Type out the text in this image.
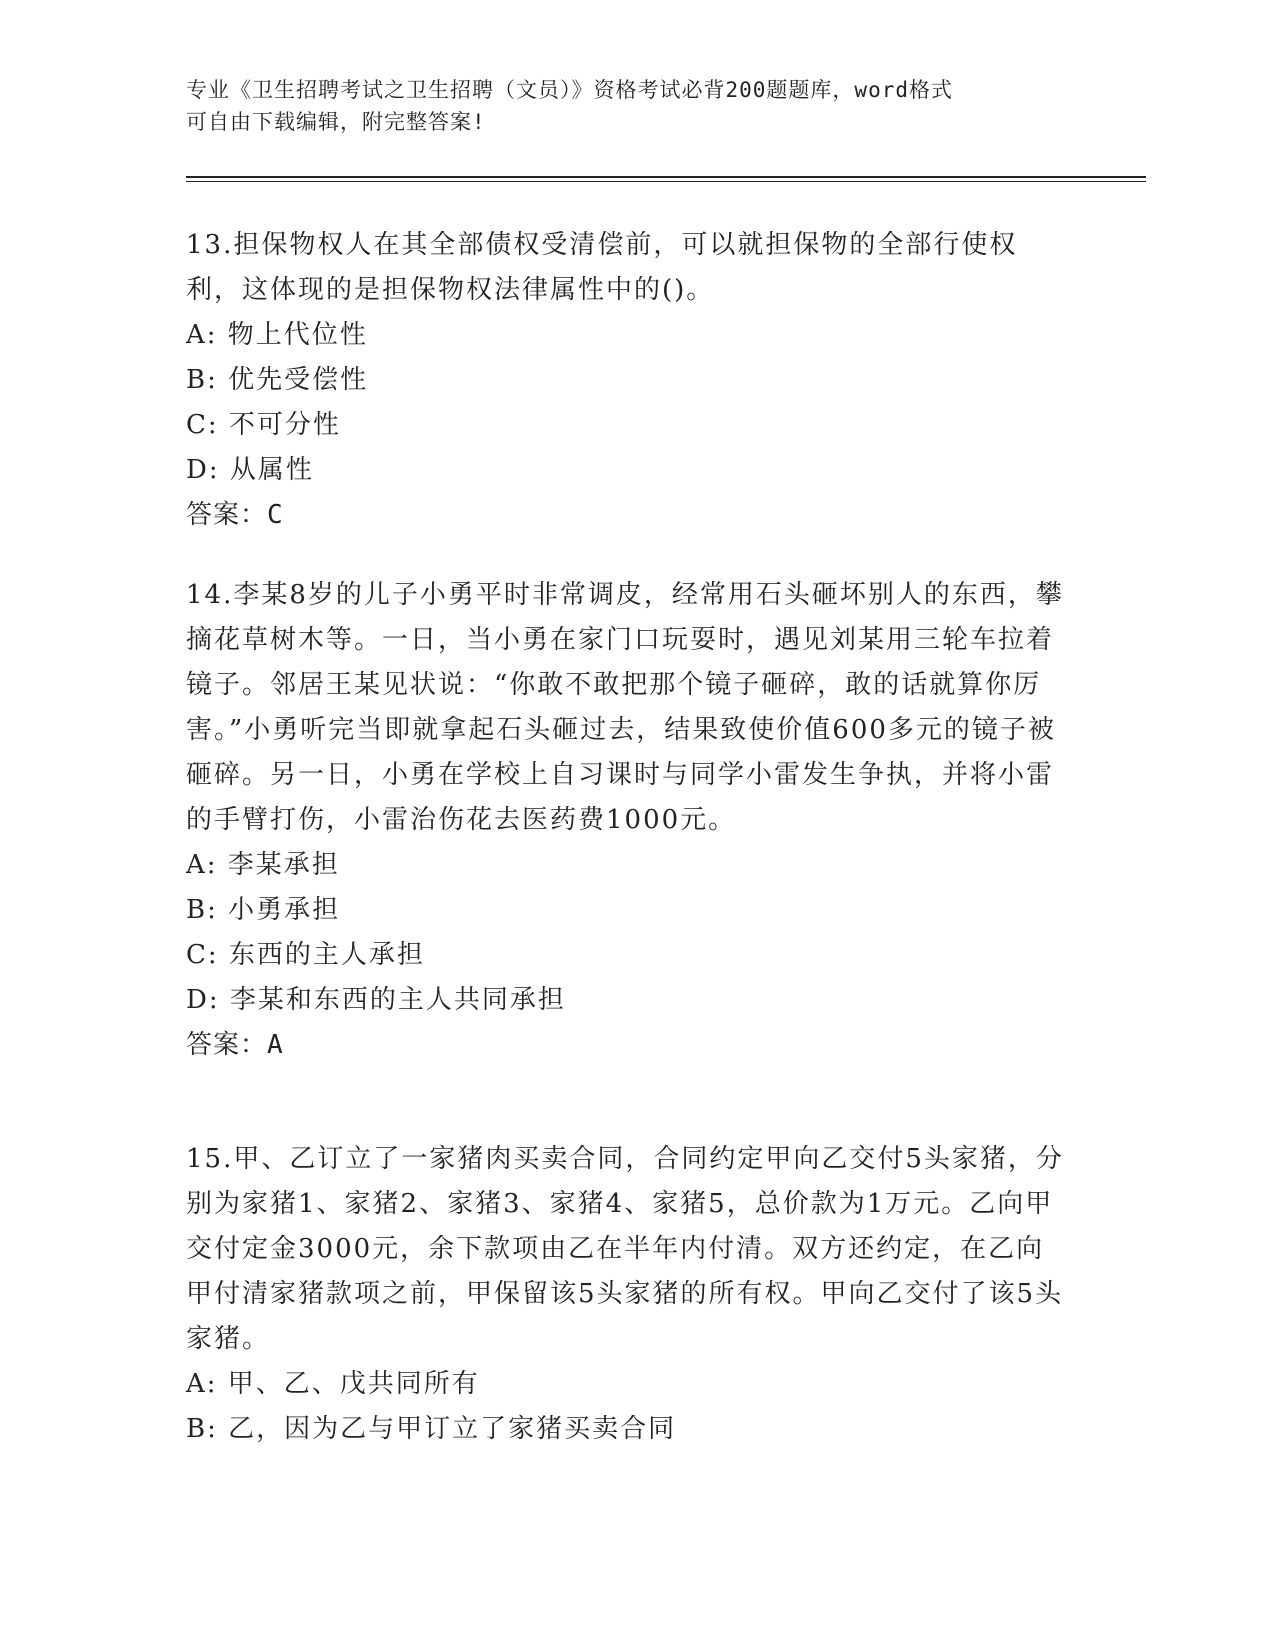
专业《卫生招聘考试之卫生招聘（文员）》资格考试必背200题题库，word格式
可自由下载编辑，附完整答案!
13.担保物权人在其全部债权受清偿前，可以就担保物的全部行使权利，这体现的是担保物权法律属性中的()。
A: 物上代位性
B: 优先受偿性
C: 不可分性
D: 从属性
答案：C
14.李某8岁的儿子小勇平时非常调皮，经常用石头砸坏别人的东西，攀摘花草树木等。一日，当小勇在家门口玩耍时，遇见刘某用三轮车拉着镜子。邻居王某见状说：“你敢不敢把那个镜子砸碎，敢的话就算你厉害。”小勇听完当即就拿起石头砸过去，结果致使价值600多元的镜子被砸碎。另一日，小勇在学校上自习课时与同学小雷发生争执，并将小雷的手臂打伤，小雷治伤花去医药费1000元。
A: 李某承担
B: 小勇承担
C: 东西的主人承担
D: 李某和东西的主人共同承担
答案：A
15.甲、乙订立了一家猪肉买卖合同，合同约定甲向乙交付5头家猪，分别为家猪1、家猪2、家猪3、家猪4、家猪5，总价款为1万元。乙向甲交付定金3000元，余下款项由乙在半年内付清。双方还约定，在乙向甲付清家猪款项之前，甲保留该5头家猪的所有权。甲向乙交付了该5头家猪。
A: 甲、乙、戊共同所有
B: 乙，因为乙与甲订立了家猪买卖合同
